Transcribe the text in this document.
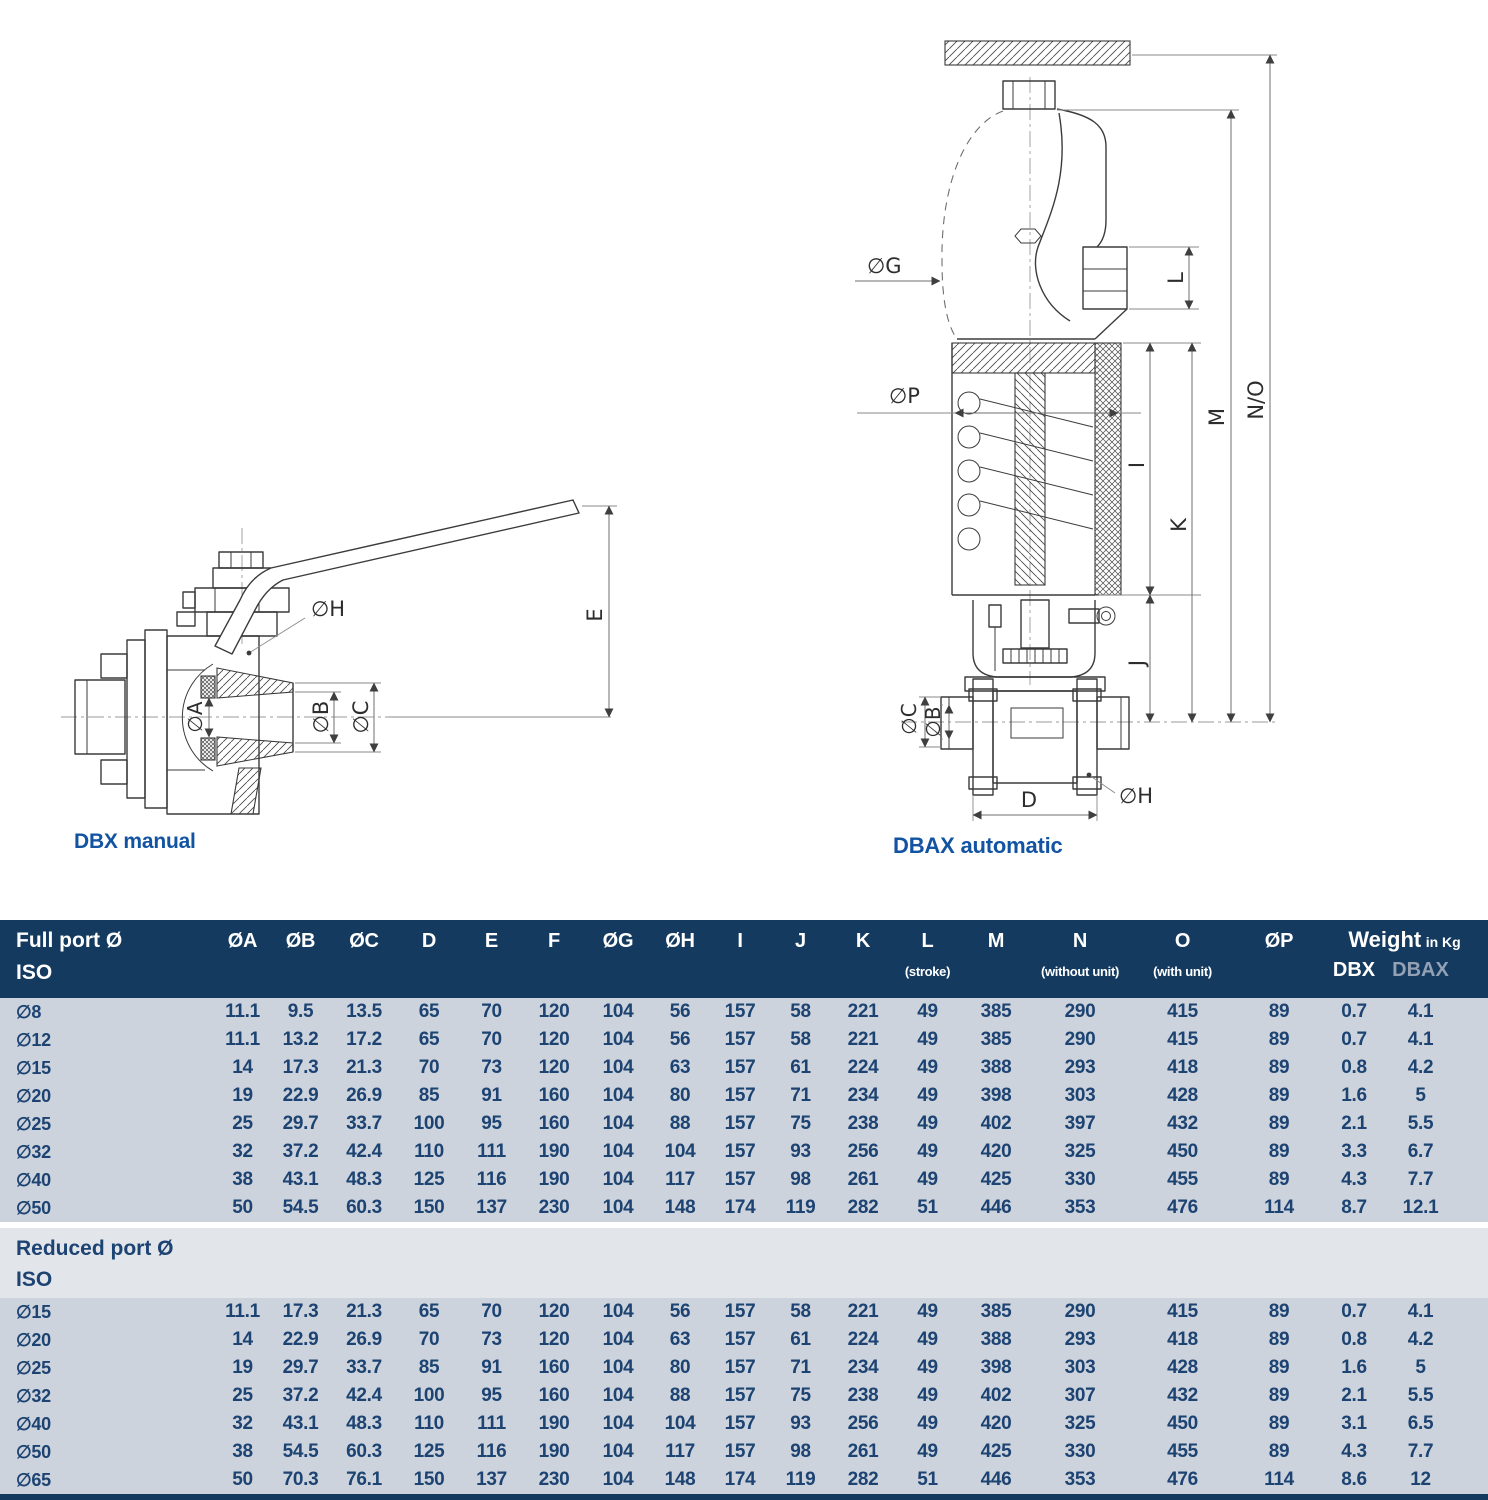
∅H
∅A	∅B ∅C
E
∅G
∅P
L
I
J
K
M N/O
∅C ∅B
D	∅H
DBX manual	DBAX automatic
Full port Ø
ISO
ØA	ØB	ØC	D	E	F	ØG	ØH	I	J	K	L
(stroke)
M	N
(without unit)
O
(with unit)
ØP	Weight in Kg
DBX DBAX
∅8	11.1	9.5	13.5	65	70	120	104	56	157	58	221	49	385	290	415	89	0.7	4.1
∅12	11.1	13.2	17.2	65	70	120	104	56	157	58	221	49	385	290	415	89	0.7	4.1
∅15	14	17.3	21.3	70	73	120	104	63	157	61	224	49	388	293	418	89	0.8	4.2
∅20	19	22.9	26.9	85	91	160	104	80	157	71	234	49	398	303	428	89	1.6	5
∅25	25	29.7	33.7	100	95	160	104	88	157	75	238	49	402	397	432	89	2.1	5.5
∅32	32	37.2	42.4	110	111	190	104	104	157	93	256	49	420	325	450	89	3.3	6.7
∅40	38	43.1	48.3	125	116	190	104	117	157	98	261	49	425	330	455	89	4.3	7.7
∅50	50	54.5	60.3	150	137	230	104	148	174	119	282	51	446	353	476	114	8.7	12.1
Reduced port Ø
ISO
∅15	11.1	17.3	21.3	65	70	120	104	56	157	58	221	49	385	290	415	89	0.7	4.1
∅20	14	22.9	26.9	70	73	120	104	63	157	61	224	49	388	293	418	89	0.8	4.2
∅25	19	29.7	33.7	85	91	160	104	80	157	71	234	49	398	303	428	89	1.6	5
∅32	25	37.2	42.4	100	95	160	104	88	157	75	238	49	402	307	432	89	2.1	5.5
∅40	32	43.1	48.3	110	111	190	104	104	157	93	256	49	420	325	450	89	3.1	6.5
∅50	38	54.5	60.3	125	116	190	104	117	157	98	261	49	425	330	455	89	4.3	7.7
∅65	50	70.3	76.1	150	137	230	104	148	174	119	282	51	446	353	476	114	8.6	12
